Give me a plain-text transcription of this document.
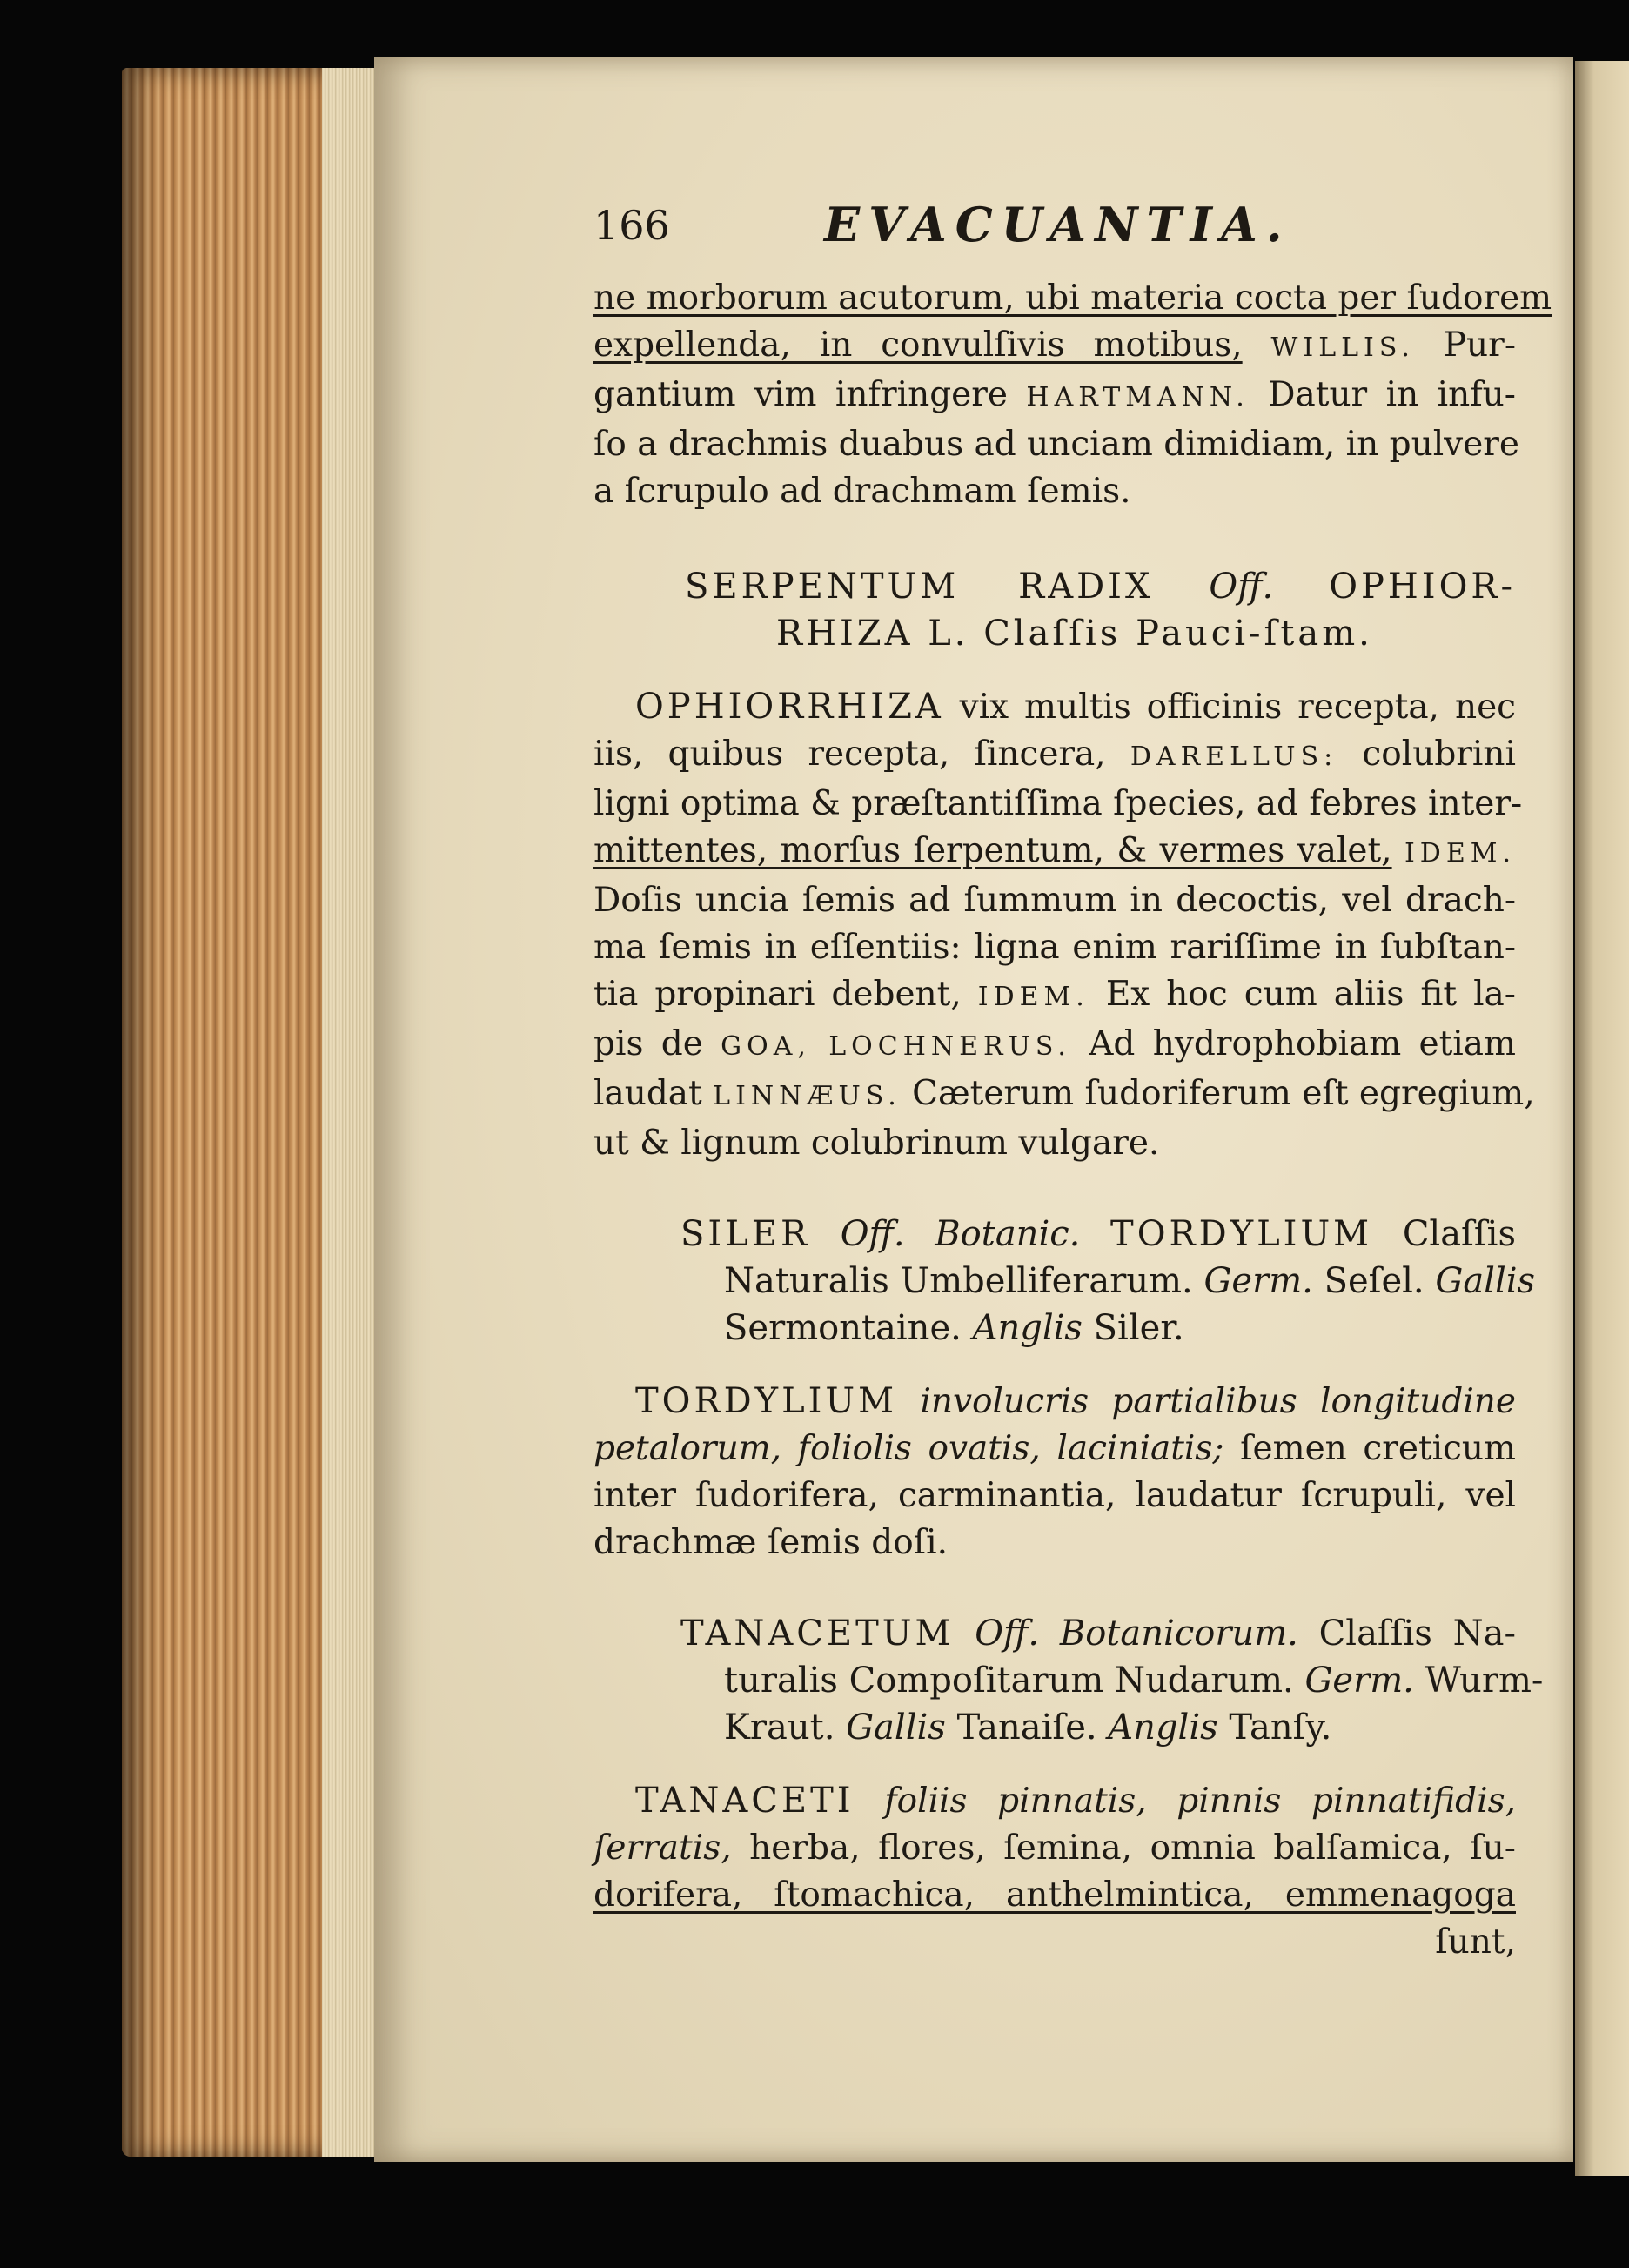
166	EVACUANTIA.
ne morborum acutorum, ubi materia cocta per ſudorem
expellenda, in convulſivis motibus, WILLIS. Pur-
gantium vim infringere HARTMANN. Datur in infu-
ſo a drachmis duabus ad unciam dimidiam, in pulvere
a ſcrupulo ad drachmam ſemis.
SERPENTUM RADIX Off. OPHIOR-
RHIZA L. Claſſis Pauci-ſtam.
OPHIORRHIZA vix multis officinis recepta, nec
iis, quibus recepta, ſincera, DARELLUS: colubrini
ligni optima & præſtantiſſima ſpecies, ad febres inter-
mittentes, morſus ſerpentum, & vermes valet, IDEM.
Doſis uncia ſemis ad ſummum in decoctis, vel drach-
ma ſemis in eſſentiis: ligna enim rariſſime in ſubſtan-
tia propinari debent, IDEM. Ex hoc cum aliis fit la-
pis de GOA, LOCHNERUS. Ad hydrophobiam etiam
laudat LINNÆUS. Cæterum ſudoriferum eſt egregium,
ut & lignum colubrinum vulgare.
SILER Off. Botanic. TORDYLIUM Claſſis
Naturalis Umbelliferarum. Germ. Seſel. Gallis
Sermontaine. Anglis Siler.
TORDYLIUM involucris partialibus longitudine
petalorum, foliolis ovatis, laciniatis; ſemen creticum
inter ſudorifera, carminantia, laudatur ſcrupuli, vel
drachmæ ſemis doſi.
TANACETUM Off. Botanicorum. Claſſis Na-
turalis Compoſitarum Nudarum. Germ. Wurm-
Kraut. Gallis Tanaiſe. Anglis Tanſy.
TANACETI foliis pinnatis, pinnis pinnatifidis,
ſerratis, herba, flores, ſemina, omnia balſamica, ſu-
dorifera, ſtomachica, anthelmintica, emmenagoga
ſunt,
